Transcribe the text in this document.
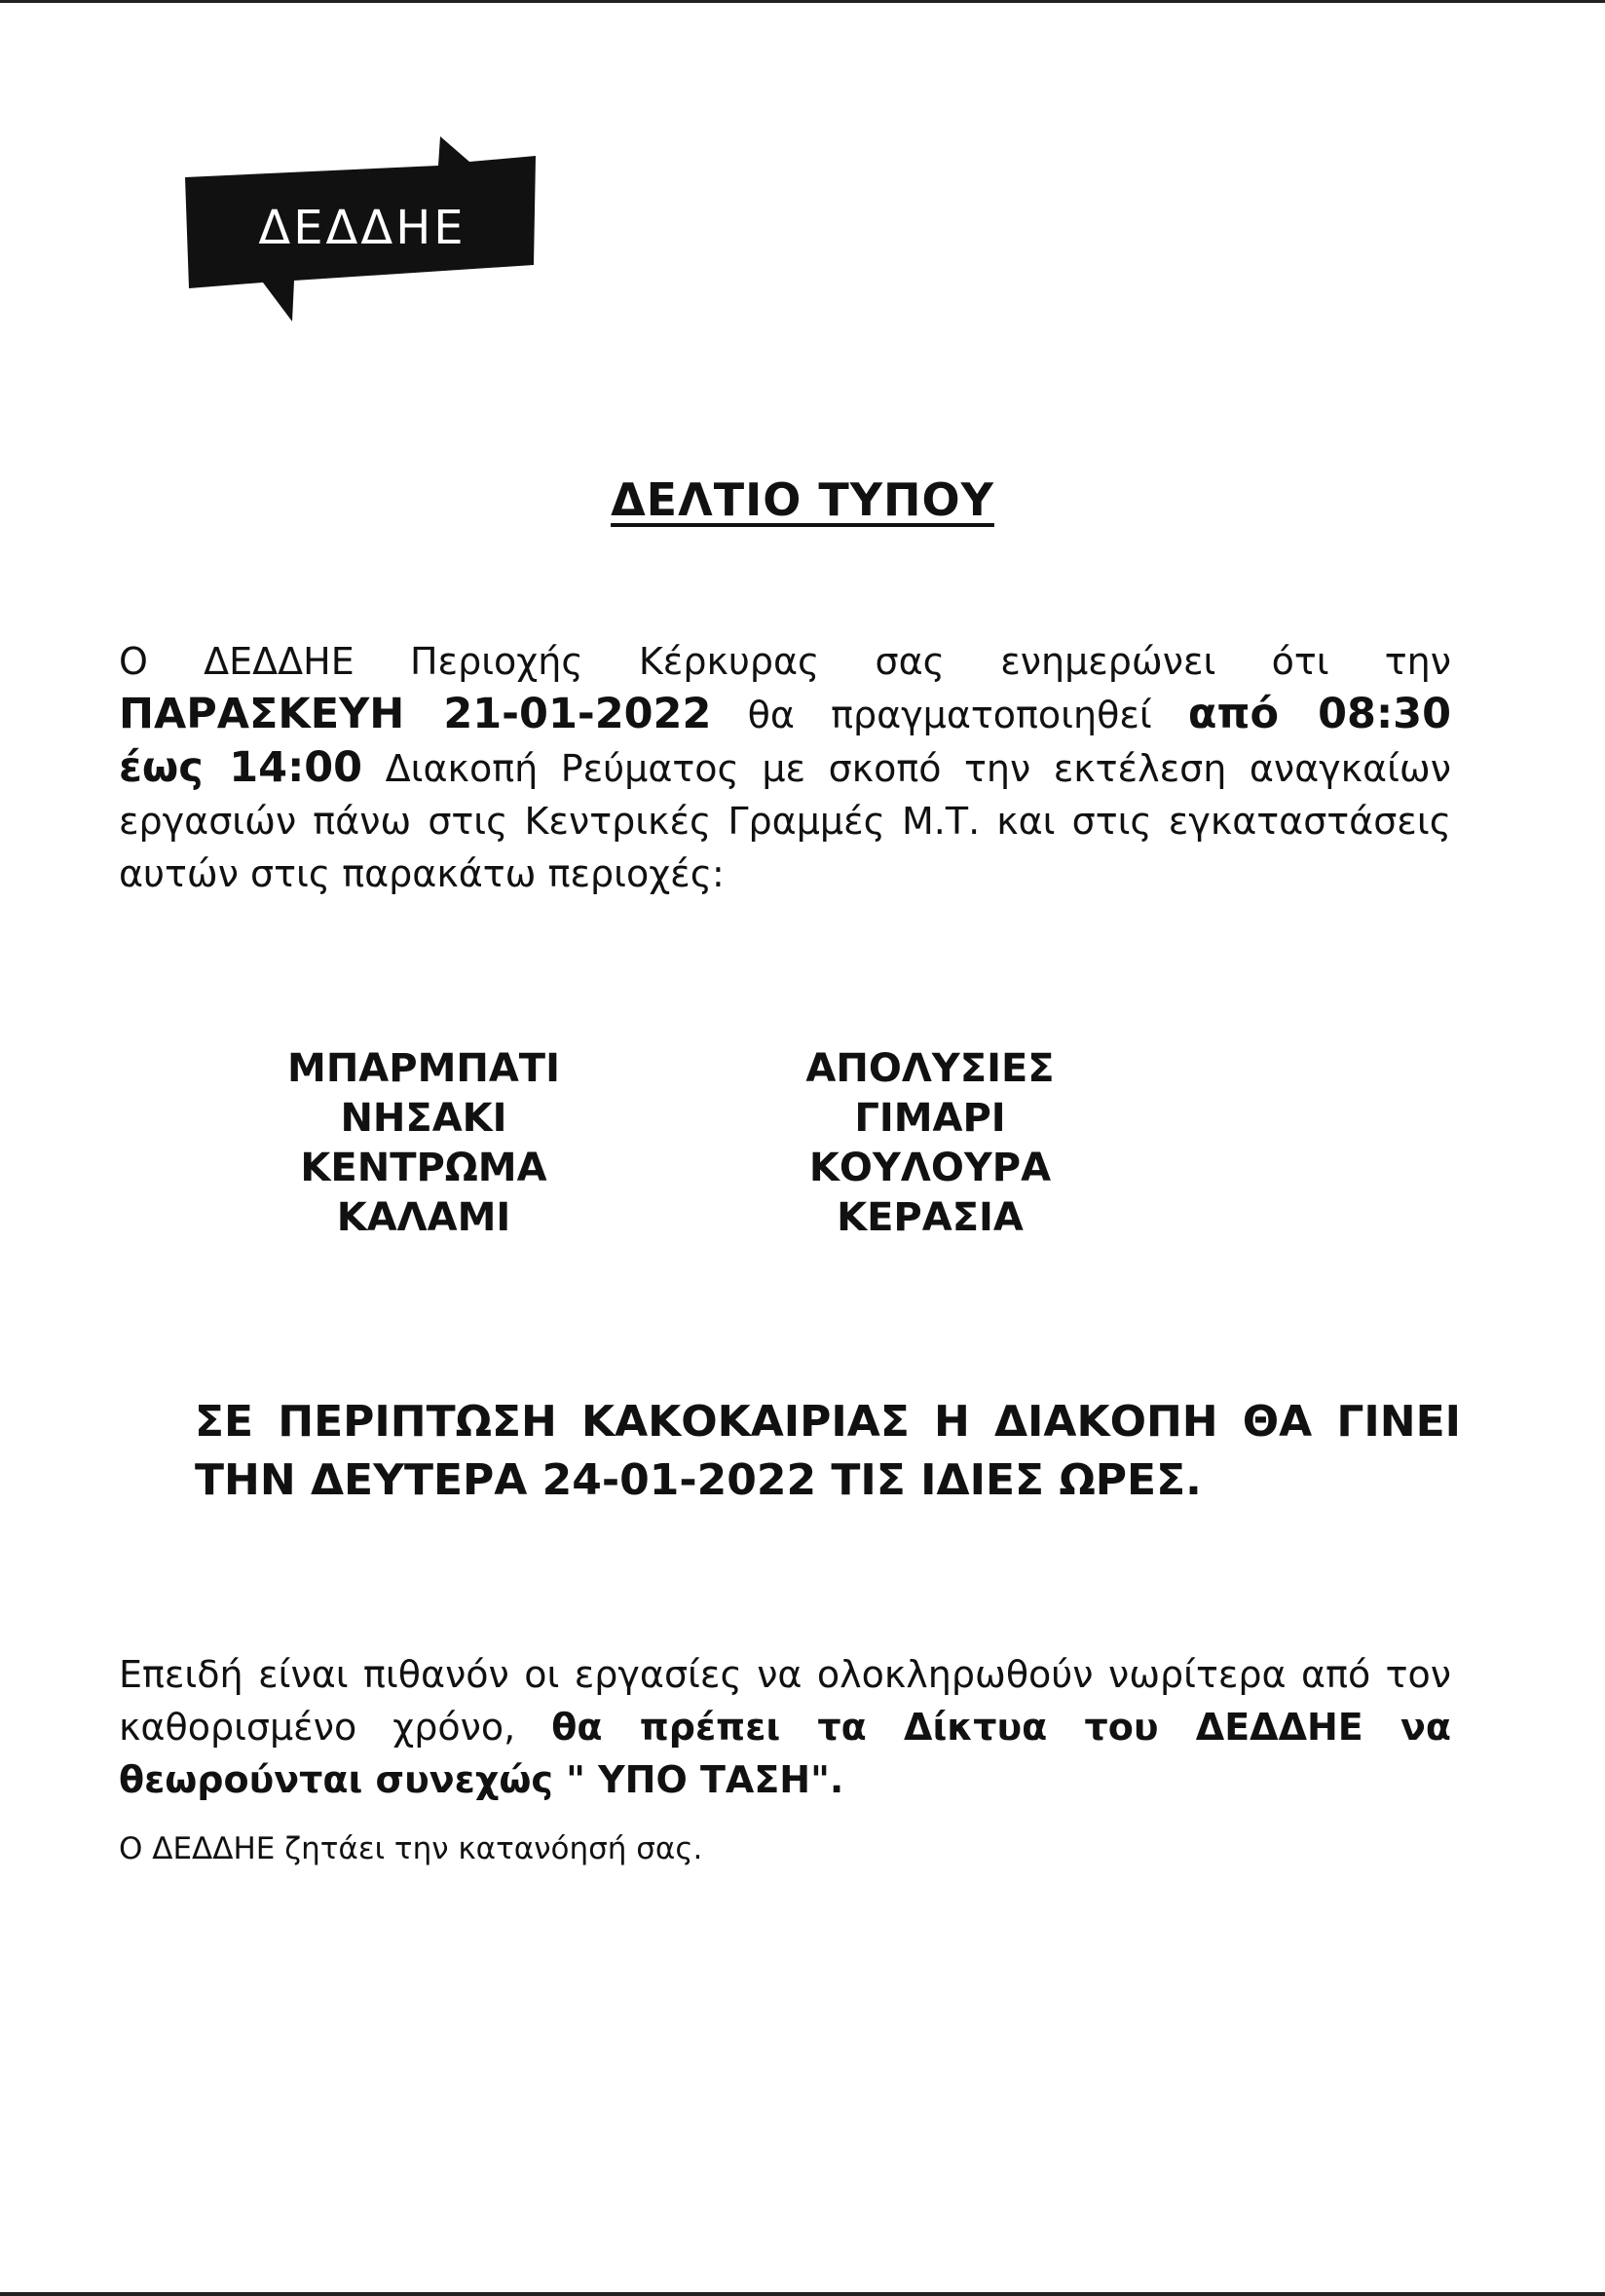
ΔΕΔΔΗΕ
ΔΕΛΤΙΟ ΤΥΠΟΥ
Ο ΔΕΔΔΗΕ Περιοχής Κέρκυρας σας ενημερώνει ότι την
ΠΑΡΑΣΚΕΥΗ 21-01-2022 θα πραγματοποιηθεί από 08:30
έως 14:00 Διακοπή Ρεύματος με σκοπό την εκτέλεση αναγκαίων
εργασιών πάνω στις Κεντρικές Γραμμές Μ.Τ. και στις εγκαταστάσεις
αυτών στις παρακάτω περιοχές:
ΜΠΑΡΜΠΑΤΙ
ΝΗΣΑΚΙ
ΚΕΝΤΡΩΜΑ
ΚΑΛΑΜΙ
ΑΠΟΛΥΣΙΕΣ
ΓΙΜΑΡΙ
ΚΟΥΛΟΥΡΑ
ΚΕΡΑΣΙΑ
ΣΕ ΠΕΡΙΠΤΩΣΗ ΚΑΚΟΚΑΙΡΙΑΣ Η ΔΙΑΚΟΠΗ ΘΑ ΓΙΝΕΙ
ΤΗΝ ΔΕΥΤΕΡΑ 24-01-2022 ΤΙΣ ΙΔΙΕΣ ΩΡΕΣ.
Επειδή είναι πιθανόν οι εργασίες να ολοκληρωθούν νωρίτερα από τον
καθορισμένο χρόνο, θα πρέπει τα Δίκτυα του ΔΕΔΔΗΕ να
θεωρούνται συνεχώς " ΥΠΟ ΤΑΣΗ".
Ο ΔΕΔΔΗΕ ζητάει την κατανόησή σας.
